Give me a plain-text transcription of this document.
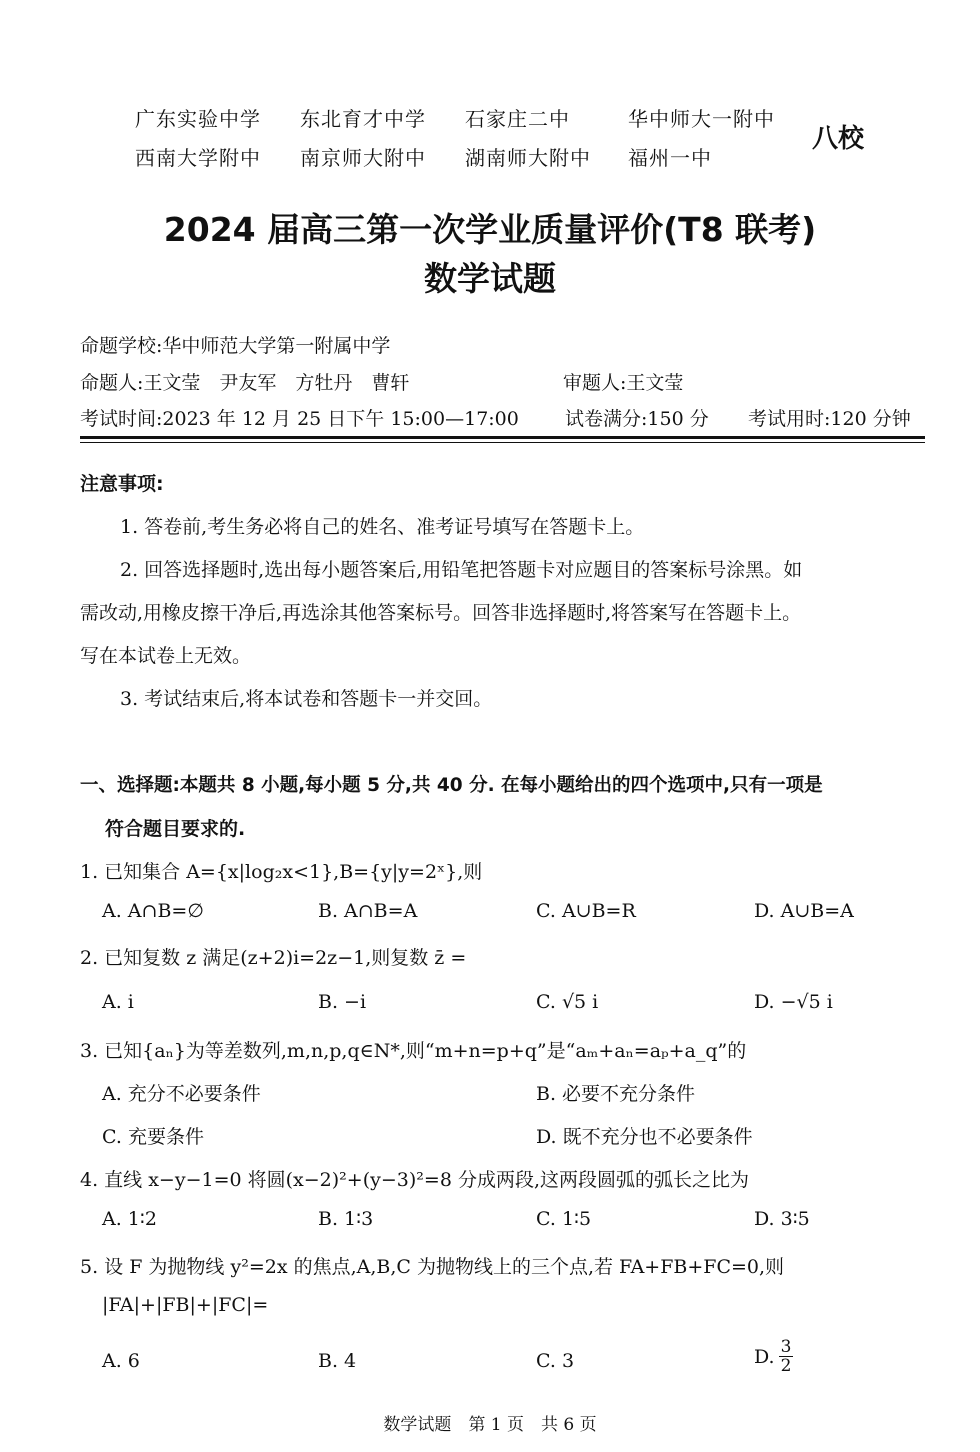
广东实验中学 东北育才中学 石家庄二中	华中师大一附中
西南大学附中 南京师大附中 湖南师大附中 福州一中
八校
2024 届高三第一次学业质量评价(T8 联考)
数学试题
命题学校:华中师范大学第一附属中学
命题人:王文莹　尹友军　方牡丹　曹轩	审题人:王文莹
考试时间:2023 年 12 月 25 日下午 15:00—17:00 试卷满分:150 分 考试用时:120 分钟
注意事项:
1. 答卷前,考生务必将自己的姓名、准考证号填写在答题卡上。
2. 回答选择题时,选出每小题答案后,用铅笔把答题卡对应题目的答案标号涂黑。如
需改动,用橡皮擦干净后,再选涂其他答案标号。回答非选择题时,将答案写在答题卡上。
写在本试卷上无效。
3. 考试结束后,将本试卷和答题卡一并交回。
一、选择题:本题共 8 小题,每小题 5 分,共 40 分. 在每小题给出的四个选项中,只有一项是
符合题目要求的.
1. 已知集合 A={x|log₂x<1},B={y|y=2ˣ},则
A. A∩B=∅	B. A∩B=A	C. A∪B=R	D. A∪B=A
2. 已知复数 z 满足(z+2)i=2z−1,则复数 z̄ =
A. i	B. −i	C. √5 i	D. −√5 i
3. 已知{aₙ}为等差数列,m,n,p,q∈N*,则“m+n=p+q”是“aₘ+aₙ=aₚ+a_q”的
A. 充分不必要条件	B. 必要不充分条件
C. 充要条件	D. 既不充分也不必要条件
4. 直线 x−y−1=0 将圆(x−2)²+(y−3)²=8 分成两段,这两段圆弧的弧长之比为
A. 1∶2	B. 1∶3	C. 1∶5	D. 3∶5
5. 设 F 为抛物线 y²=2x 的焦点,A,B,C 为抛物线上的三个点,若 FA+FB+FC=0,则
|FA|+|FB|+|FC|=
A. 6	B. 4	C. 3	D. $\frac{3}{2}$
数学试题　第 1 页　共 6 页
